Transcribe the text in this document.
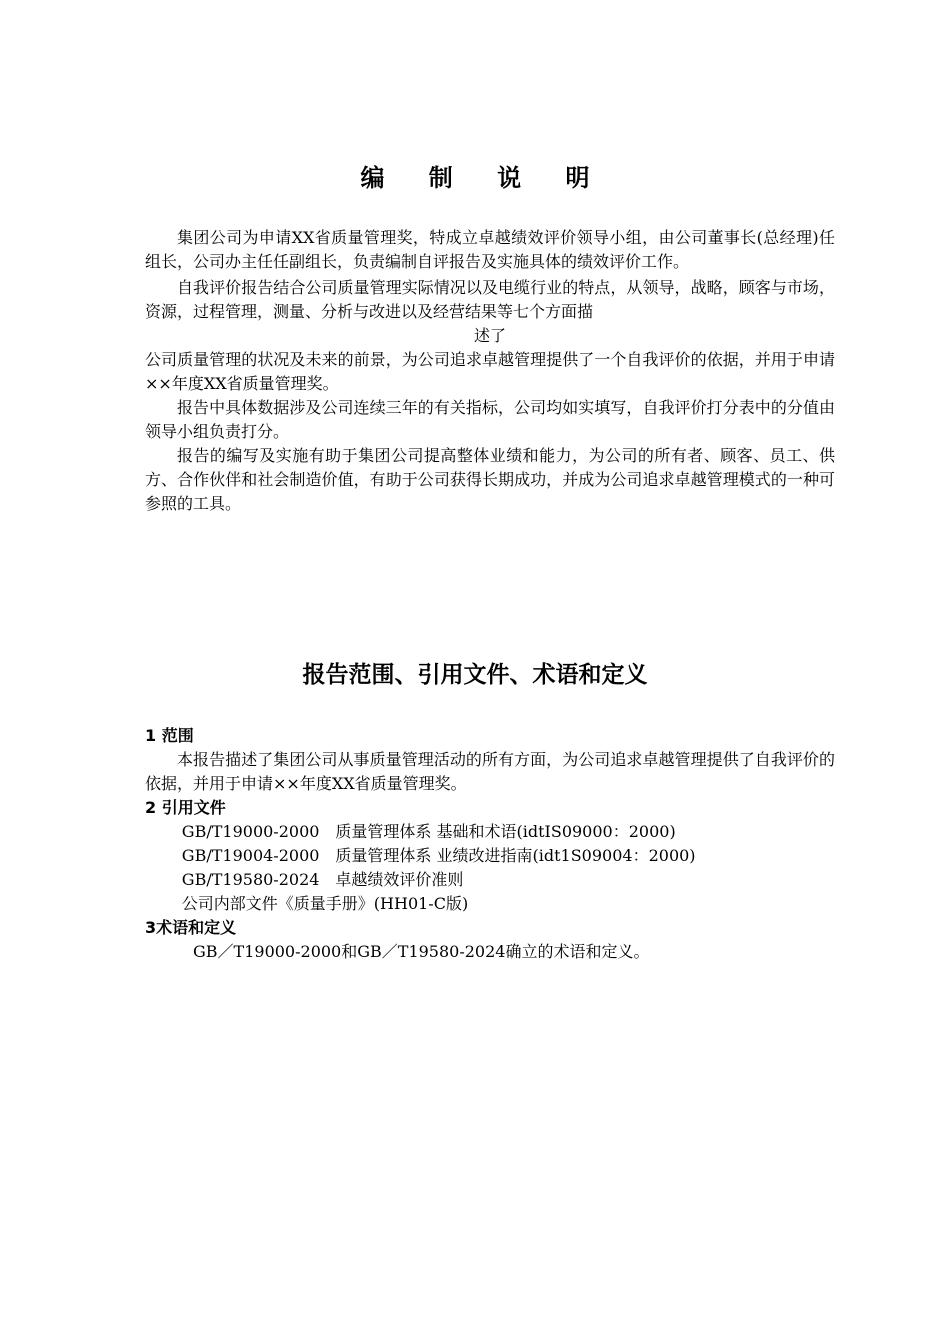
编 制 说 明

集团公司为申请XX省质量管理奖，特成立卓越绩效评价领导小组，由公司董事长(总经理)任组长，公司办主任任副组长，负责编制自评报告及实施具体的绩效评价工作。

自我评价报告结合公司质量管理实际情况以及电缆行业的特点，从领导，战略，顾客与市场，资源，过程管理，测量、分析与改进以及经营结果等七个方面描

述了

公司质量管理的状况及未来的前景，为公司追求卓越管理提供了一个自我评价的依据，并用于申请××年度XX省质量管理奖。

报告中具体数据涉及公司连续三年的有关指标，公司均如实填写，自我评价打分表中的分值由领导小组负责打分。

报告的编写及实施有助于集团公司提高整体业绩和能力，为公司的所有者、顾客、员工、供方、合作伙伴和社会制造价值，有助于公司获得长期成功，并成为公司追求卓越管理模式的一种可参照的工具。

报告范围、引用文件、术语和定义

1 范围

本报告描述了集团公司从事质量管理活动的所有方面，为公司追求卓越管理提供了自我评价的依据，并用于申请××年度XX省质量管理奖。

2 引用文件

GB/T19000-2000　质量管理体系 基础和术语(idtIS09000：2000)

GB/T19004-2000　质量管理体系 业绩改进指南(idt1S09004：2000)

GB/T19580-2024　卓越绩效评价准则

公司内部文件《质量手册》(HH01-C版)

3术语和定义

GB／T19000-2000和GB／T19580-2024确立的术语和定义。
